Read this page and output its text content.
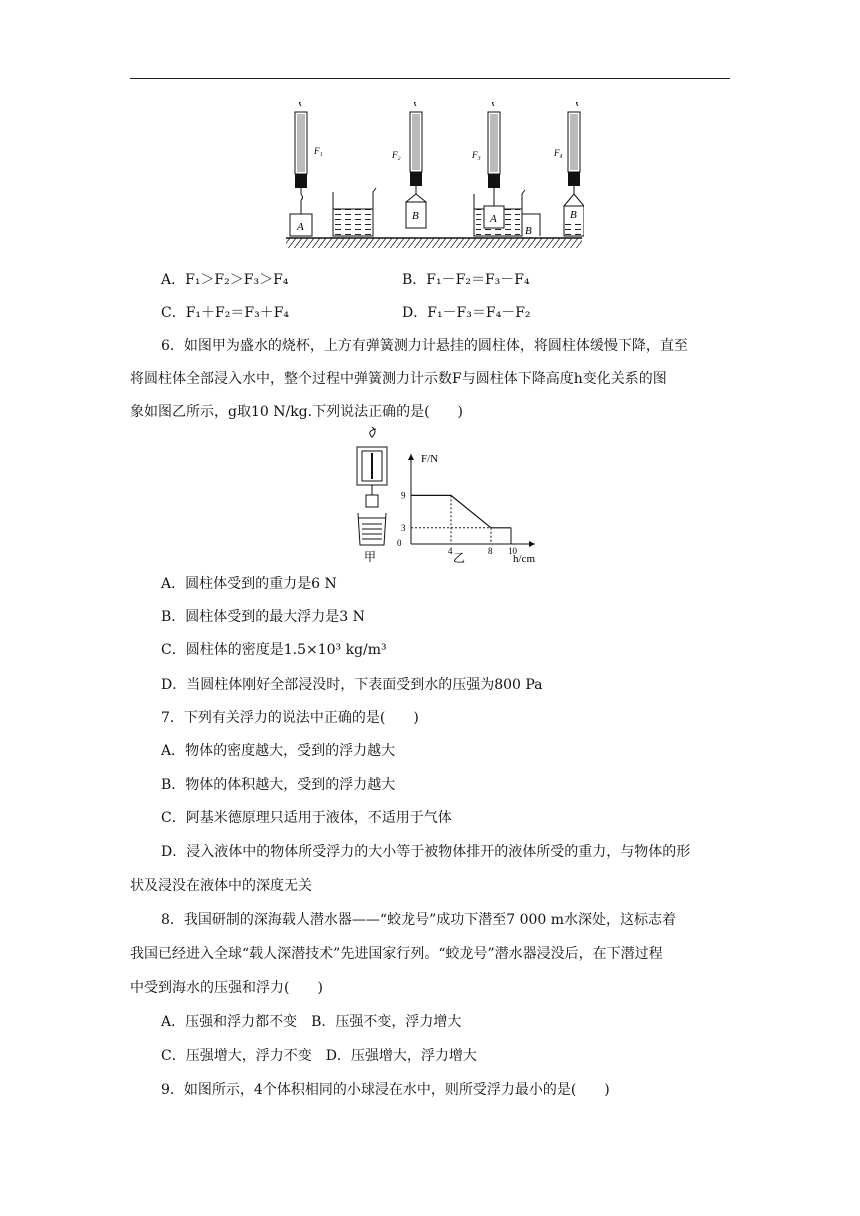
A
F₁
B
F₂
A
F₃
B
B
F₄
A．F₁＞F₂＞F₃＞F₄	B．F₁－F₂＝F₃－F₄
C．F₁＋F₂＝F₃＋F₄	D．F₁－F₃＝F₄－F₂
6．如图甲为盛水的烧杯，上方有弹簧测力计悬挂的圆柱体，将圆柱体缓慢下降，直至
将圆柱体全部浸入水中，整个过程中弹簧测力计示数F与圆柱体下降高度h变化关系的图
象如图乙所示，g取10 N/kg.下列说法正确的是(　　)
甲
F/N
h/cm
乙
0
4	8 10
3
9
A．圆柱体受到的重力是6 N
B．圆柱体受到的最大浮力是3 N
C．圆柱体的密度是1.5×10³ kg/m³
D．当圆柱体刚好全部浸没时，下表面受到水的压强为800 Pa
7．下列有关浮力的说法中正确的是(　　)
A．物体的密度越大，受到的浮力越大
B．物体的体积越大，受到的浮力越大
C．阿基米德原理只适用于液体，不适用于气体
D．浸入液体中的物体所受浮力的大小等于被物体排开的液体所受的重力，与物体的形
状及浸没在液体中的深度无关
8．我国研制的深海载人潜水器——“蛟龙号”成功下潜至7 000 m水深处，这标志着
我国已经进入全球“载人深潜技术”先进国家行列。“蛟龙号”潜水器浸没后，在下潜过程
中受到海水的压强和浮力(　　)
A．压强和浮力都不变　B．压强不变，浮力增大
C．压强增大，浮力不变　D．压强增大，浮力增大
9．如图所示，4个体积相同的小球浸在水中，则所受浮力最小的是(　　)
